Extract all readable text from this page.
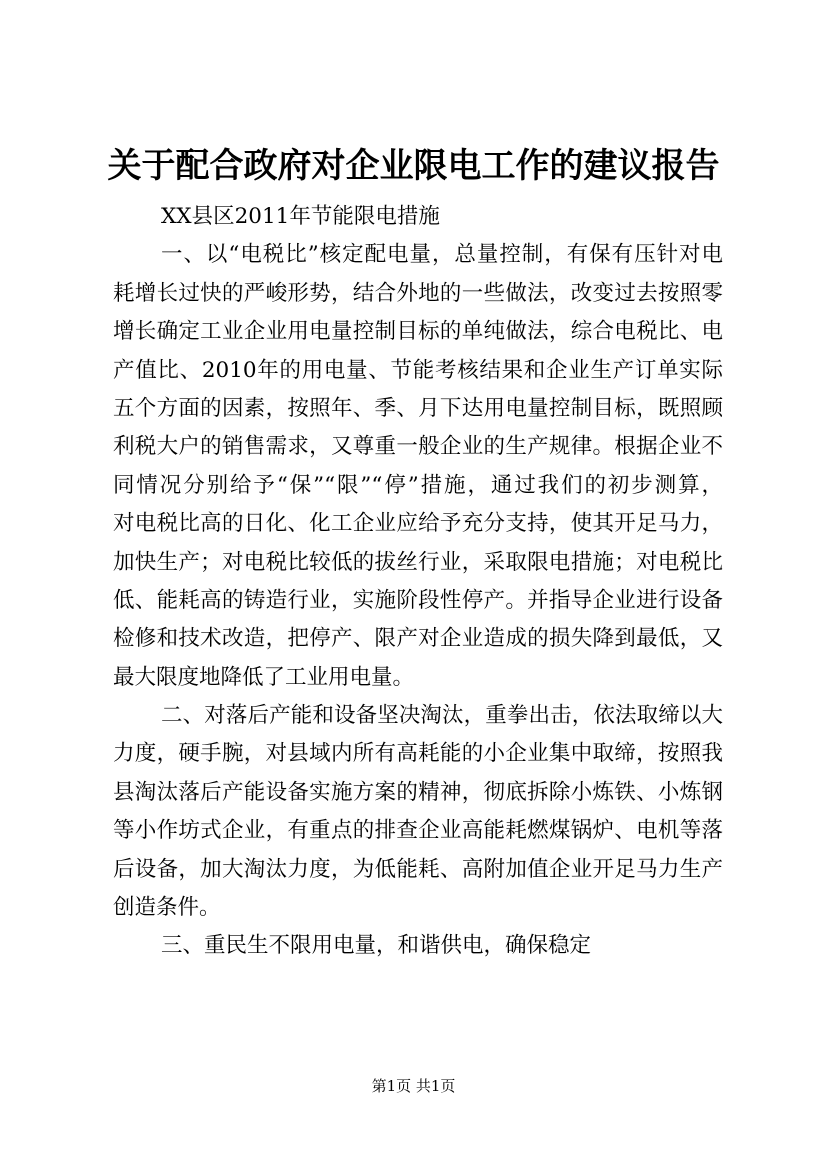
关于配合政府对企业限电工作的建议报告
XX县区2011年节能限电措施
一、以“电税比”核定配电量，总量控制，有保有压针对电
耗增长过快的严峻形势，结合外地的一些做法，改变过去按照零
增长确定工业企业用电量控制目标的单纯做法，综合电税比、电
产值比、2010年的用电量、节能考核结果和企业生产订单实际
五个方面的因素，按照年、季、月下达用电量控制目标，既照顾
利税大户的销售需求，又尊重一般企业的生产规律。根据企业不
同情况分别给予“保”“限”“停”措施，通过我们的初步测算，
对电税比高的日化、化工企业应给予充分支持，使其开足马力，
加快生产；对电税比较低的拔丝行业，采取限电措施；对电税比
低、能耗高的铸造行业，实施阶段性停产。并指导企业进行设备
检修和技术改造，把停产、限产对企业造成的损失降到最低，又
最大限度地降低了工业用电量。
二、对落后产能和设备坚决淘汰，重拳出击，依法取缔以大
力度，硬手腕，对县域内所有高耗能的小企业集中取缔，按照我
县淘汰落后产能设备实施方案的精神，彻底拆除小炼铁、小炼钢
等小作坊式企业，有重点的排查企业高能耗燃煤锅炉、电机等落
后设备，加大淘汰力度，为低能耗、高附加值企业开足马力生产
创造条件。
三、重民生不限用电量，和谐供电，确保稳定
第1页 共1页
